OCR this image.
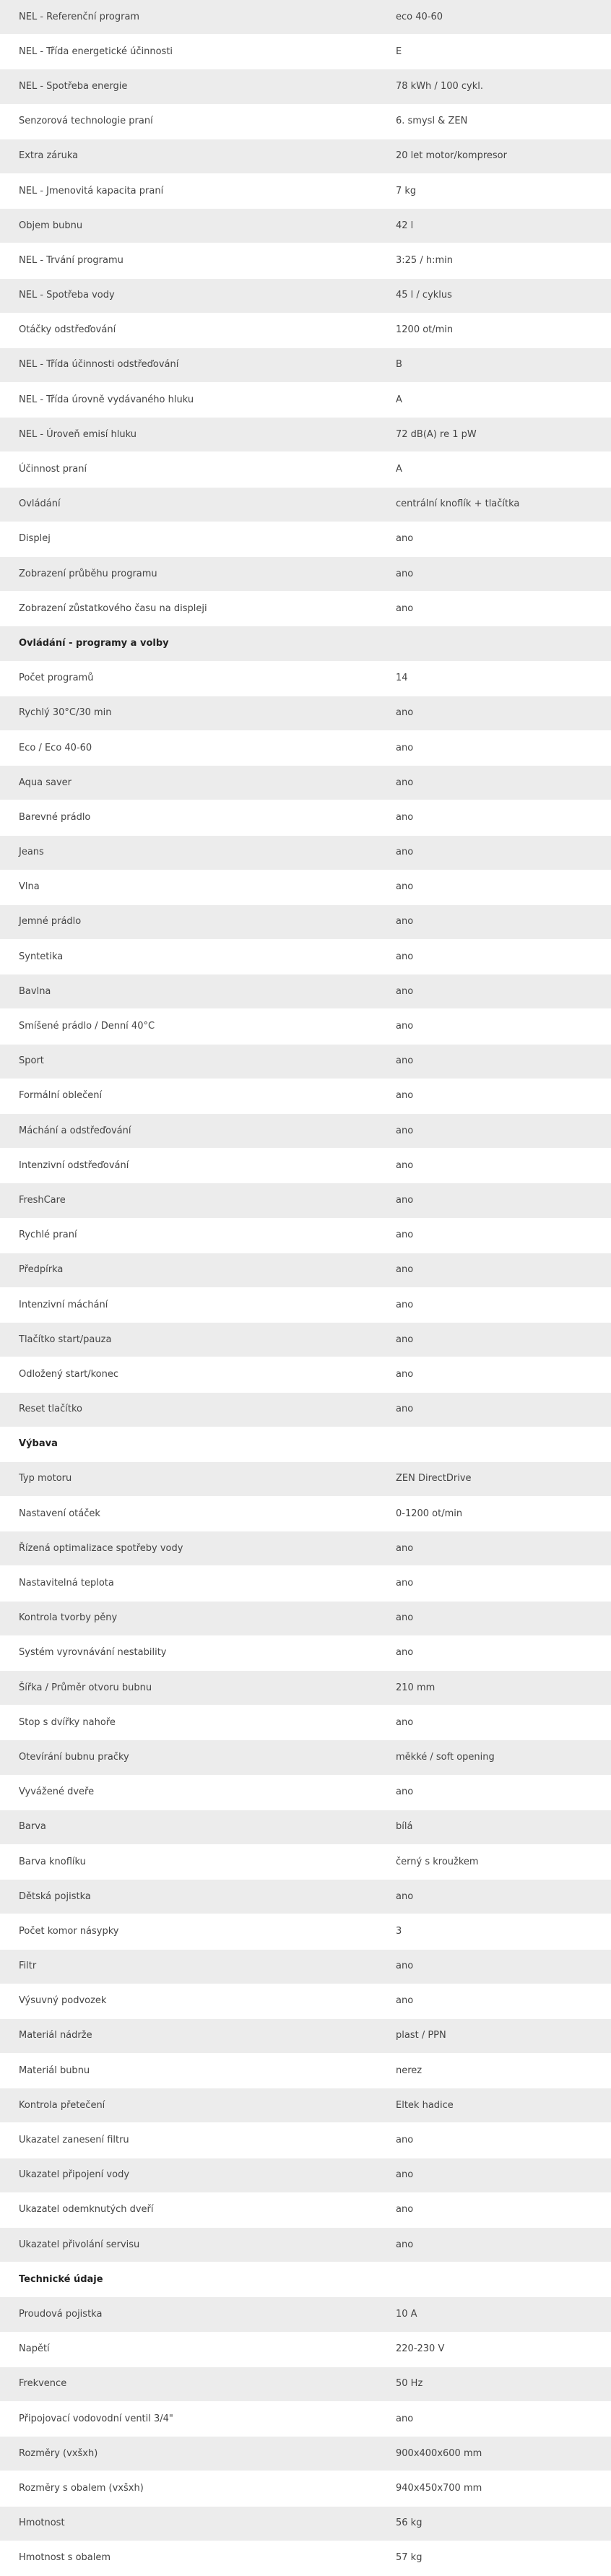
NEL - Referenční program	eco 40-60
NEL - Třída energetické účinnosti	E
NEL - Spotřeba energie	78 kWh / 100 cykl.
Senzorová technologie praní	6. smysl & ZEN
Extra záruka	20 let motor/kompresor
NEL - Jmenovitá kapacita praní	7 kg
Objem bubnu	42 l
NEL - Trvání programu	3:25 / h:min
NEL - Spotřeba vody	45 l / cyklus
Otáčky odstřeďování	1200 ot/min
NEL - Třída účinnosti odstřeďování	B
NEL - Třída úrovně vydávaného hluku	A
NEL - Úroveň emisí hluku	72 dB(A) re 1 pW
Účinnost praní	A
Ovládání	centrální knoflík + tlačítka
Displej	ano
Zobrazení průběhu programu	ano
Zobrazení zůstatkového času na displeji	ano
Ovládání - programy a volby	
Počet programů	14
Rychlý 30°C/30 min	ano
Eco / Eco 40-60	ano
Aqua saver	ano
Barevné prádlo	ano
Jeans	ano
Vlna	ano
Jemné prádlo	ano
Syntetika	ano
Bavlna	ano
Smíšené prádlo / Denní 40°C	ano
Sport	ano
Formální oblečení	ano
Máchání a odstřeďování	ano
Intenzivní odstřeďování	ano
FreshCare	ano
Rychlé praní	ano
Předpírka	ano
Intenzivní máchání	ano
Tlačítko start/pauza	ano
Odložený start/konec	ano
Reset tlačítko	ano
Výbava	
Typ motoru	ZEN DirectDrive
Nastavení otáček	0-1200 ot/min
Řízená optimalizace spotřeby vody	ano
Nastavitelná teplota	ano
Kontrola tvorby pěny	ano
Systém vyrovnávání nestability	ano
Šířka / Průměr otvoru bubnu	210 mm
Stop s dvířky nahoře	ano
Otevírání bubnu pračky	měkké / soft opening
Vyvážené dveře	ano
Barva	bílá
Barva knoflíku	černý s kroužkem
Dětská pojistka	ano
Počet komor násypky	3
Filtr	ano
Výsuvný podvozek	ano
Materiál nádrže	plast / PPN
Materiál bubnu	nerez
Kontrola přetečení	Eltek hadice
Ukazatel zanesení filtru	ano
Ukazatel připojení vody	ano
Ukazatel odemknutých dveří	ano
Ukazatel přivolání servisu	ano
Technické údaje	
Proudová pojistka	10 A
Napětí	220-230 V
Frekvence	50 Hz
Připojovací vodovodní ventil 3/4"	ano
Rozměry (vxšxh)	900x400x600 mm
Rozměry s obalem (vxšxh)	940x450x700 mm
Hmotnost	56 kg
Hmotnost s obalem	57 kg
